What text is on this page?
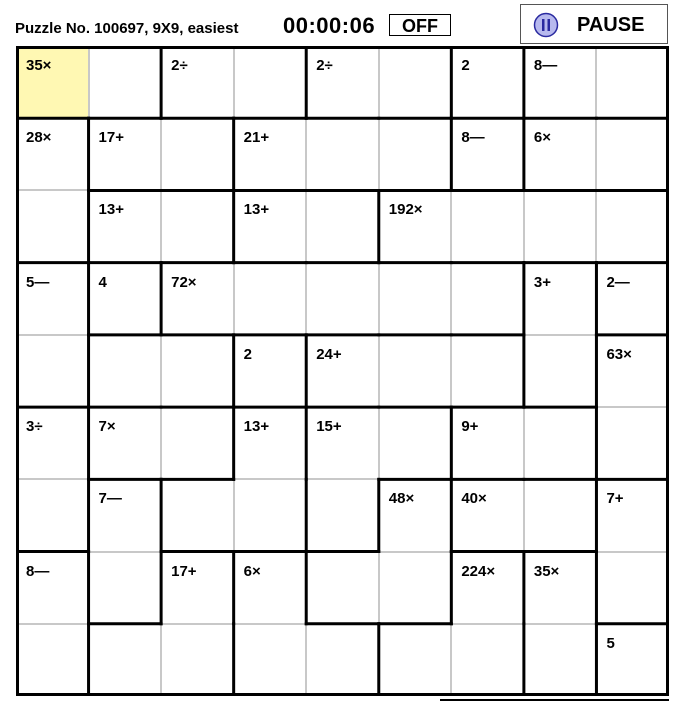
Puzzle No. 100697, 9X9, easiest 00:00:06	OFF	PAUSE
35×	2÷	2÷	2	8—
28×	17+	21+	8—	6×
13+	13+	192×
5—	4	72×	3+	2—
2	24+	63×
3÷	7×	13+	15+	9+
7—	48×	40×	7+
8—	17+	6×	224×	35×
5
